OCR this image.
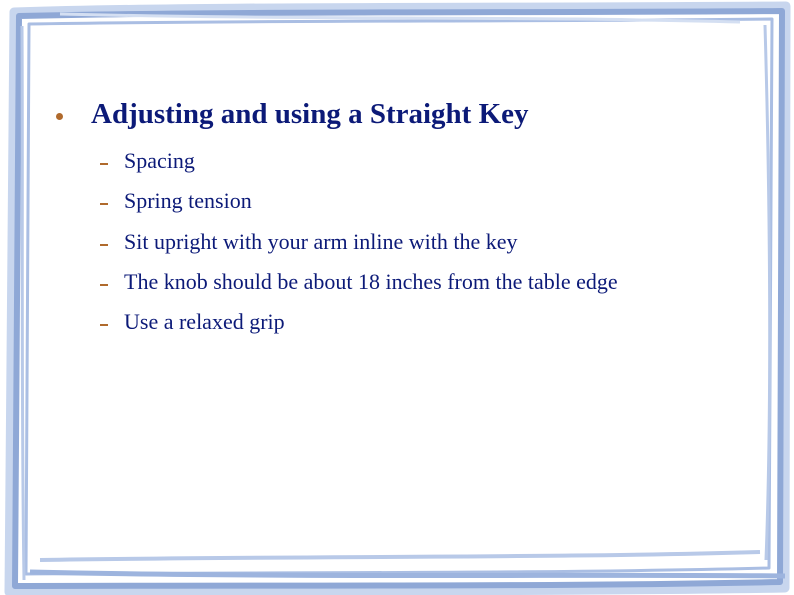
Adjusting and using a Straight Key
Spacing
Spring tension
Sit upright with your arm inline with the key
The knob should be about 18 inches from the table edge
Use a relaxed grip
